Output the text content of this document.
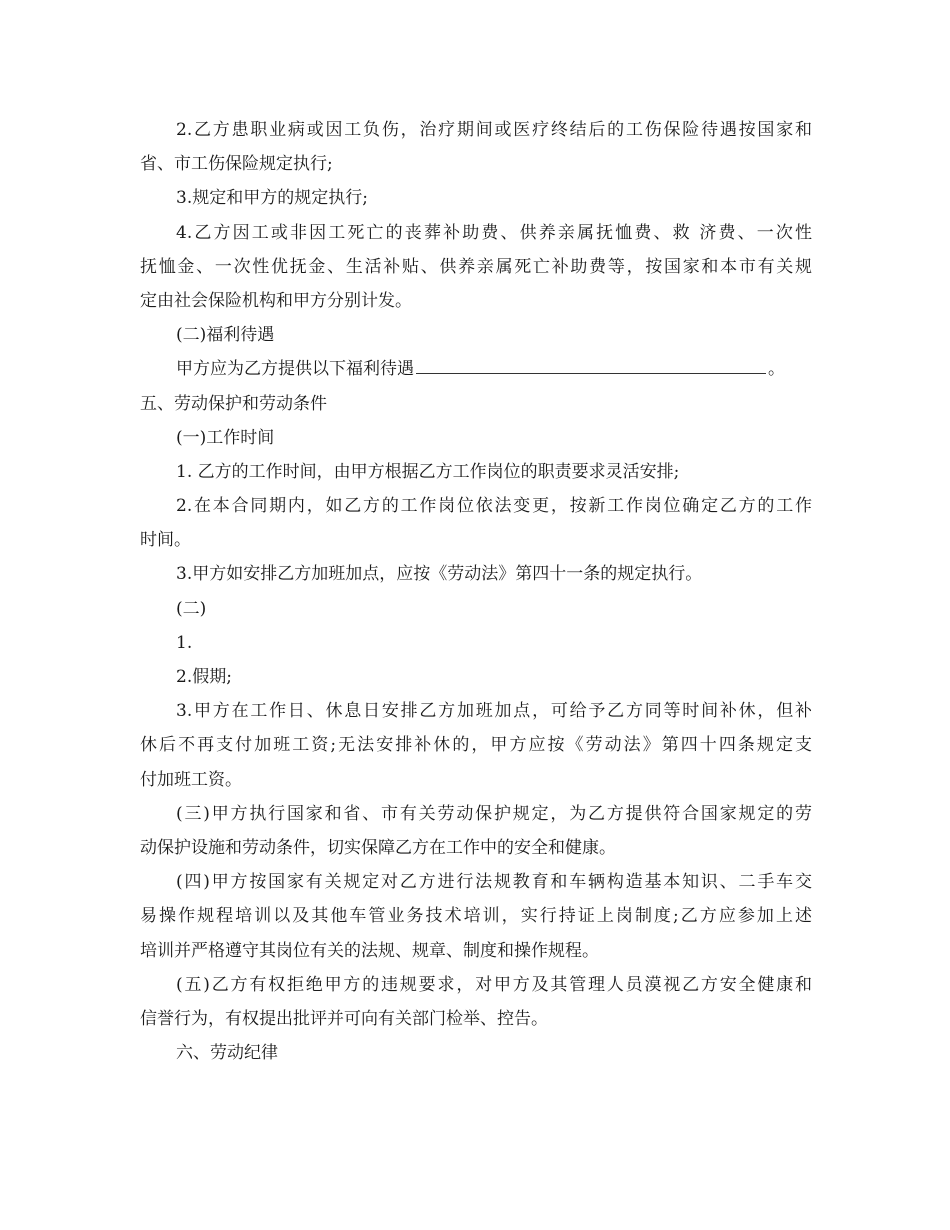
2.乙方患职业病或因工负伤，治疗期间或医疗终结后的工伤保险待遇按国家和
省、市工伤保险规定执行;
3.规定和甲方的规定执行;
4.乙方因工或非因工死亡的丧葬补助费、供养亲属抚恤费、救 济费、一次性
抚恤金、一次性优抚金、生活补贴、供养亲属死亡补助费等，按国家和本市有关规
定由社会保险机构和甲方分别计发。
(二)福利待遇
甲方应为乙方提供以下福利待遇	。
五、劳动保护和劳动条件
(一)工作时间
1. 乙方的工作时间，由甲方根据乙方工作岗位的职责要求灵活安排;
2.在本合同期内，如乙方的工作岗位依法变更，按新工作岗位确定乙方的工作
时间。
3.甲方如安排乙方加班加点，应按《劳动法》第四十一条的规定执行。
(二)
1.
2.假期;
3.甲方在工作日、休息日安排乙方加班加点，可给予乙方同等时间补休，但补
休后不再支付加班工资;无法安排补休的，甲方应按《劳动法》第四十四条规定支
付加班工资。
(三)甲方执行国家和省、市有关劳动保护规定，为乙方提供符合国家规定的劳
动保护设施和劳动条件，切实保障乙方在工作中的安全和健康。
(四)甲方按国家有关规定对乙方进行法规教育和车辆构造基本知识、二手车交
易操作规程培训以及其他车管业务技术培训，实行持证上岗制度;乙方应参加上述
培训并严格遵守其岗位有关的法规、规章、制度和操作规程。
(五)乙方有权拒绝甲方的违规要求，对甲方及其管理人员漠视乙方安全健康和
信誉行为，有权提出批评并可向有关部门检举、控告。
六、劳动纪律
